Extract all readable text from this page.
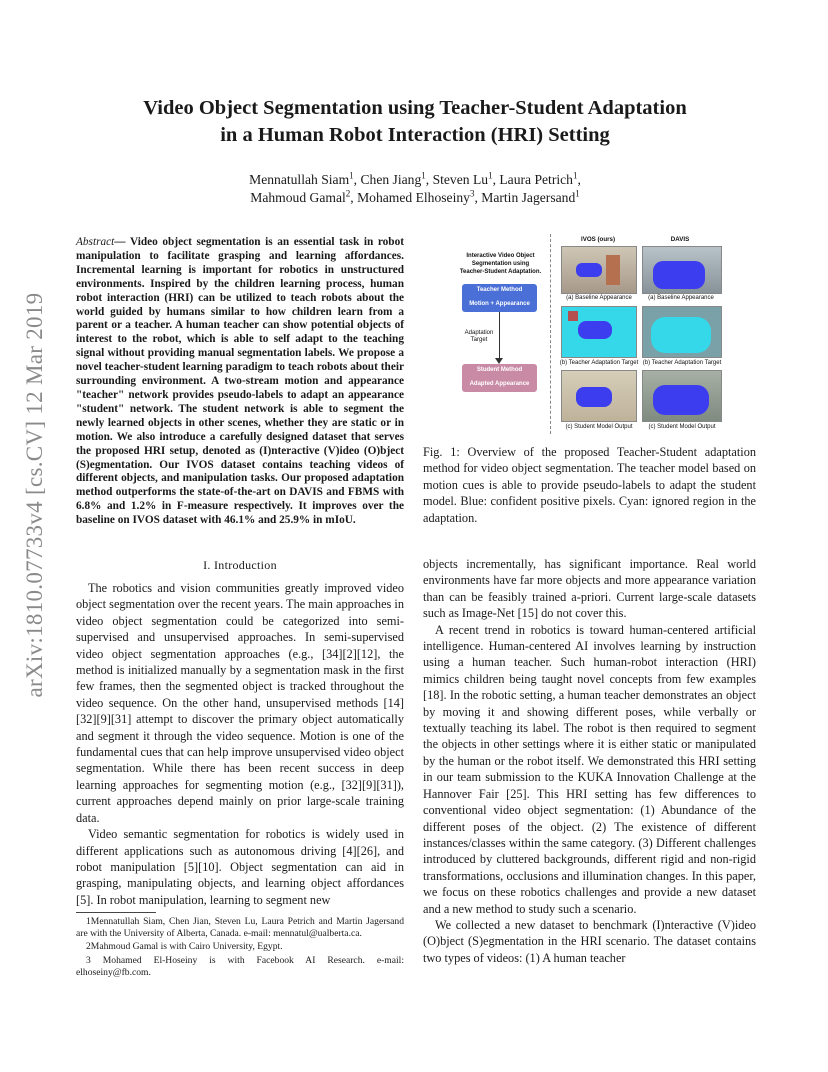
arXiv:1810.07733v4 [cs.CV] 12 Mar 2019
Video Object Segmentation using Teacher-Student Adaptation
in a Human Robot Interaction (HRI) Setting
Mennatullah Siam$^1$, Chen Jiang$^1$, Steven Lu$^1$, Laura Petrich$^1$,
Mahmoud Gamal$^2$, Mohamed Elhoseiny$^3$, Martin Jagersand$^1$
Abstract— Video object segmentation is an essential task in robot manipulation to facilitate grasping and learning affordances. Incremental learning is important for robotics in unstructured environments. Inspired by the children learning process, human robot interaction (HRI) can be utilized to teach robots about the world guided by humans similar to how children learn from a parent or a teacher. A human teacher can show potential objects of interest to the robot, which is able to self adapt to the teaching signal without providing manual segmentation labels. We propose a novel teacher-student learning paradigm to teach robots about their surrounding environment. A two-stream motion and appearance "teacher" network provides pseudo-labels to adapt an appearance "student" network. The student network is able to segment the newly learned objects in other scenes, whether they are static or in motion. We also introduce a carefully designed dataset that serves the proposed HRI setup, denoted as (I)nteractive (V)ideo (O)bject (S)egmentation. Our IVOS dataset contains teaching videos of different objects, and manipulation tasks. Our proposed adaptation method outperforms the state-of-the-art on DAVIS and FBMS with 6.8% and 1.2% in F-measure respectively. It improves over the baseline on IVOS dataset with 46.1% and 25.9% in mIoU.
I. Introduction

The robotics and vision communities greatly improved video object segmentation over the recent years. The main approaches in video object segmentation could be categorized into semi-supervised and unsupervised approaches. In semi-supervised video object segmentation approaches (e.g., [34][2][12], the method is initialized manually by a segmentation mask in the first few frames, then the segmented object is tracked throughout the video sequence. On the other hand, unsupervised methods [14][32][9][31] attempt to discover the primary object automatically and segment it through the video sequence. Motion is one of the fundamental cues that can help improve unsupervised video object segmentation. While there has been recent success in deep learning approaches for segmenting motion (e.g., [32][9][31]), current approaches depend mainly on prior large-scale training data.

Video semantic segmentation for robotics is widely used in different applications such as autonomous driving [4][26], and robot manipulation [5][10]. Object segmentation can aid in grasping, manipulating objects, and learning object affordances [5]. In robot manipulation, learning to segment new

1Mennatullah Siam, Chen Jian, Steven Lu, Laura Petrich and Martin Jagersand are with the University of Alberta, Canada. e-mail: mennatul@ualberta.ca.

2Mahmoud Gamal is with Cairo University, Egypt.

3 Mohamed El-Hoseiny is with Facebook AI Research. e-mail: elhoseiny@fb.com.

Interactive Video Object
Segmentation using
Teacher-Student Adaptation.
Teacher Method
Motion + Appearance
Adaptation
Target
Student Method
Adapted Appearance
IVOS (ours)	DAVIS
(a) Baseline Appearance	(a) Baseline Appearance
(b) Teacher Adaptation Target (b) Teacher Adaptation Target
(c) Student Model Output	(c) Student Model Output
Fig. 1: Overview of the proposed Teacher-Student adaptation method for video object segmentation. The teacher model based on motion cues is able to provide pseudo-labels to adapt the student model. Blue: confident positive pixels. Cyan: ignored region in the adaptation.

objects incrementally, has significant importance. Real world environments have far more objects and more appearance variation than can be feasibly trained a-priori. Current large-scale datasets such as Image-Net [15] do not cover this.

A recent trend in robotics is toward human-centered artificial intelligence. Human-centered AI involves learning by instruction using a human teacher. Such human-robot interaction (HRI) mimics children being taught novel concepts from few examples [18]. In the robotic setting, a human teacher demonstrates an object by moving it and showing different poses, while verbally or textually teaching its label. The robot is then required to segment the objects in other settings where it is either static or manipulated by the human or the robot itself. We demonstrated this HRI setting in our team submission to the KUKA Innovation Challenge at the Hannover Fair [25]. This HRI setting has few differences to conventional video object segmentation: (1) Abundance of the different poses of the object. (2) The existence of different instances/classes within the same category. (3) Different challenges introduced by cluttered backgrounds, different rigid and non-rigid transformations, occlusions and illumination changes. In this paper, we focus on these robotics challenges and provide a new dataset and a new method to study such a scenario.

We collected a new dataset to benchmark (I)nteractive (V)ideo (O)bject (S)egmentation in the HRI scenario. The dataset contains two types of videos: (1) A human teacher
